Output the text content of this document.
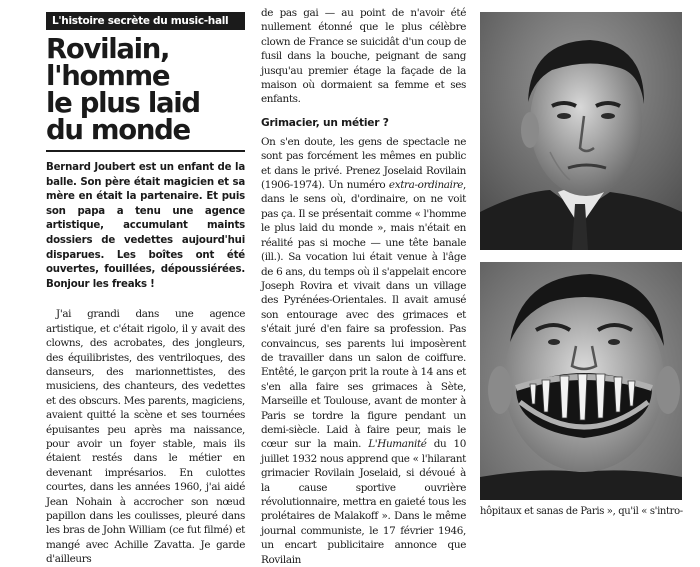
L'histoire secrète du music-hall
Rovilain,
l'homme
le plus laid
du monde

Bernard Joubert est un enfant de la balle. Son père était magicien et sa mère en était la partenaire. Et puis son papa a tenu une agence artistique, accumulant maints dossiers de vedettes aujourd'hui disparues. Les boîtes ont été ouvertes, fouillées, dépoussiérées. Bonjour les freaks !

J'ai grandi dans une agence artistique, et c'était rigolo, il y avait des clowns, des acrobates, des jongleurs, des équilibristes, des ventriloques, des danseurs, des marionnettistes, des musiciens, des chanteurs, des vedettes et des obscurs. Mes parents, magiciens, avaient quitté la scène et ses tournées épuisantes peu après ma naissance, pour avoir un foyer stable, mais ils étaient restés dans le métier en devenant imprésarios. En culottes courtes, dans les années 1960, j'ai aidé Jean Nohain à accrocher son nœud papillon dans les coulisses, pleuré dans les bras de John William (ce fut filmé) et mangé avec Achille Zavatta. Je garde d'ailleurs

de pas gai — au point de n'avoir été nullement étonné que le plus célèbre clown de France se suicidât d'un coup de fusil dans la bouche, peignant de sang jusqu'au premier étage la façade de la maison où dormaient sa femme et ses enfants.

Grimacier, un métier ?

On s'en doute, les gens de spectacle ne sont pas forcément les mêmes en public et dans le privé. Prenez Joselaid Rovilain (1906-1974). Un numéro extra-ordinaire, dans le sens où, d'ordinaire, on ne voit pas ça. Il se présentait comme « l'homme le plus laid du monde », mais n'était en réalité pas si moche — une tête banale (ill.). Sa vocation lui était venue à l'âge de 6 ans, du temps où il s'appelait encore Joseph Rovira et vivait dans un village des Pyrénées-Orientales. Il avait amusé son entourage avec des grimaces et s'était juré d'en faire sa profession. Pas convaincus, ses parents lui imposèrent de travailler dans un salon de coiffure. Entêté, le garçon prit la route à 14 ans et s'en alla faire ses grimaces à Sète, Marseille et Toulouse, avant de monter à Paris se tordre la figure pendant un demi-siècle. Laid à faire peur, mais le cœur sur la main. L'Humanité du 10 juillet 1932 nous apprend que « l'hilarant grimacier Rovilain Joselaid, si dévoué à la cause sportive ouvrière révolutionnaire, mettra en gaieté tous les prolétaires de Malakoff ». Dans le même journal communiste, le 17 février 1946, un encart publicitaire annonce que Rovilain

hôpitaux et sanas de Paris », qu'il « s'intro-
